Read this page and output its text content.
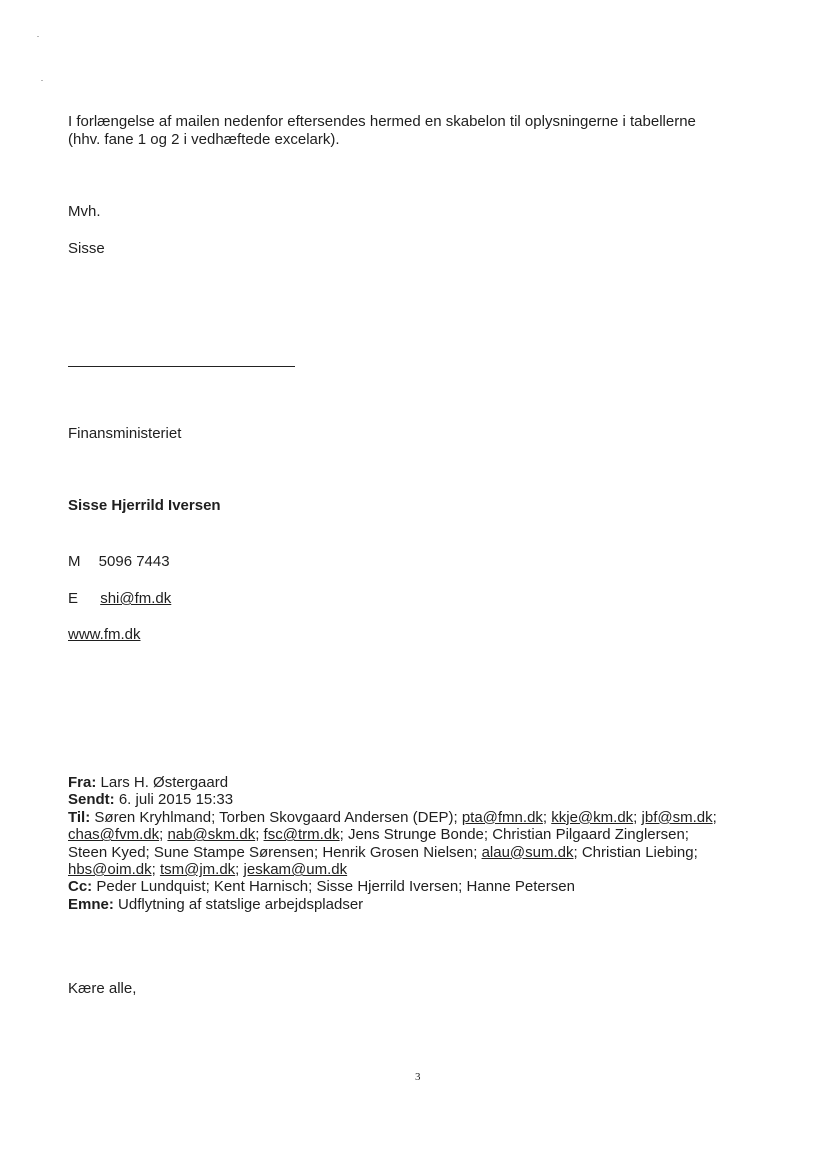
I forlængelse af mailen nedenfor eftersendes hermed en skabelon til oplysningerne i tabellerne
(hhv. fane 1 og 2 i vedhæftede excelark).
Mvh.
Sisse
Finansministeriet
Sisse Hjerrild Iversen
M 5096 7443
E shi@fm.dk
www.fm.dk
Fra: Lars H. Østergaard
Sendt: 6. juli 2015 15:33
Til: Søren Kryhlmand; Torben Skovgaard Andersen (DEP); pta@fmn.dk; kkje@km.dk; jbf@sm.dk;
chas@fvm.dk; nab@skm.dk; fsc@trm.dk; Jens Strunge Bonde; Christian Pilgaard Zinglersen;
Steen Kyed; Sune Stampe Sørensen; Henrik Grosen Nielsen; alau@sum.dk; Christian Liebing;
hbs@oim.dk; tsm@jm.dk; jeskam@um.dk
Cc: Peder Lundquist; Kent Harnisch; Sisse Hjerrild Iversen; Hanne Petersen
Emne: Udflytning af statslige arbejdspladser
Kære alle,
3
